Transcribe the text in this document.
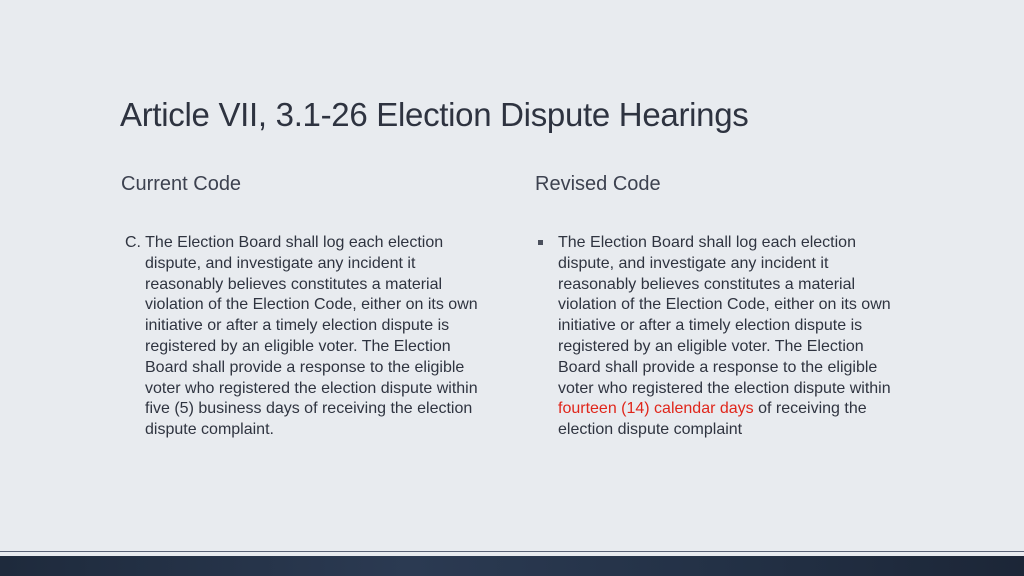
Article VII, 3.1-26 Election Dispute Hearings
Current Code	Revised Code
C. The Election Board shall log each election dispute, and investigate any incident it reasonably believes constitutes a material violation of the Election Code, either on its own initiative or after a timely election dispute is registered by an eligible voter. The Election Board shall provide a response to the eligible voter who registered the election dispute within five (5) business days of receiving the election dispute complaint.
The Election Board shall log each election dispute, and investigate any incident it reasonably believes constitutes a material violation of the Election Code, either on its own initiative or after a timely election dispute is registered by an eligible voter. The Election Board shall provide a response to the eligible voter who registered the election dispute within fourteen (14) calendar days of receiving the election dispute complaint
